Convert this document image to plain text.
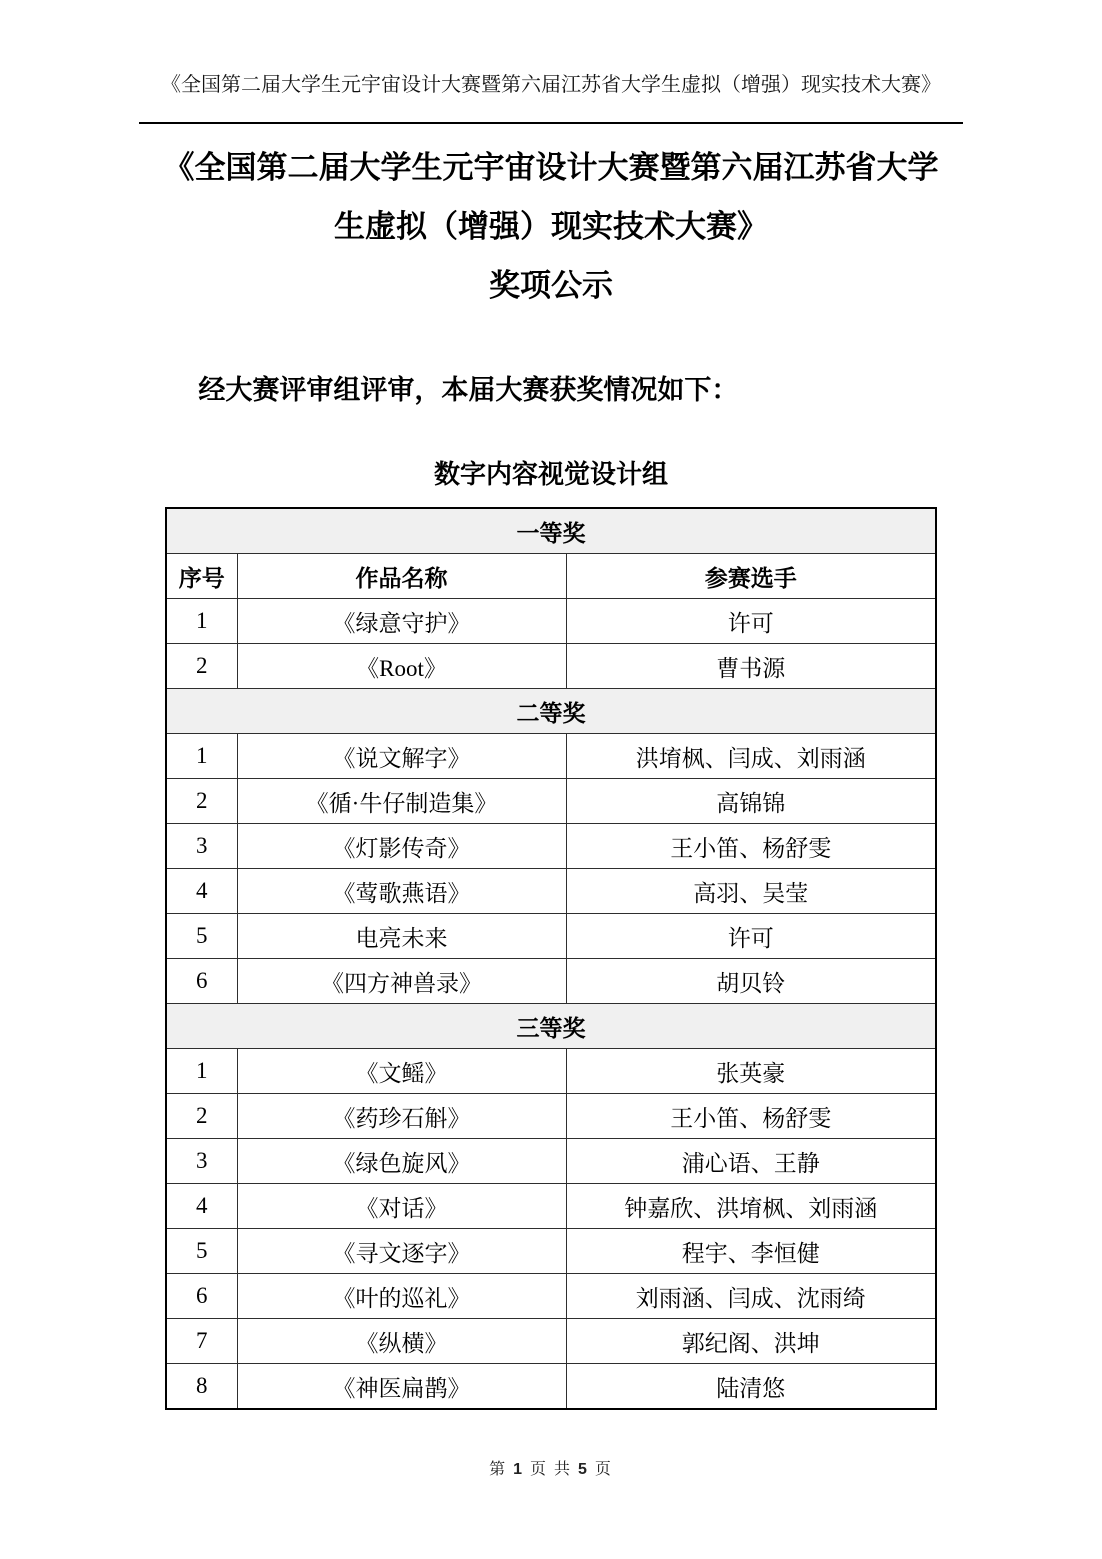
《全国第二届大学生元宇宙设计大赛暨第六届江苏省大学生虚拟（增强）现实技术大赛》
《全国第二届大学生元宇宙设计大赛暨第六届江苏省大学
生虚拟（增强）现实技术大赛》
奖项公示

经大赛评审组评审，本届大赛获奖情况如下：

数字内容视觉设计组
一等奖		
序号	作品名称	参赛选手
1	《绿意守护》	许可
2	《Root》	曹书源
二等奖		
1	《说文解字》	洪堉枫、闫成、刘雨涵
2	《循·牛仔制造集》	高锦锦
3	《灯影传奇》	王小笛、杨舒雯
4	《莺歌燕语》	高羽、吴莹
5	电亮未来	许可
6	《四方神兽录》	胡贝铃
三等奖		
1	《文鳐》	张英豪
2	《药珍石斛》	王小笛、杨舒雯
3	《绿色旋风》	浦心语、王静
4	《对话》	钟嘉欣、洪堉枫、刘雨涵
5	《寻文逐字》	程宇、李恒健
6	《叶的巡礼》	刘雨涵、闫成、沈雨绮
7	《纵横》	郭纪阁、洪坤
8	《神医扁鹊》	陆清悠
第 1 页 共 5 页
